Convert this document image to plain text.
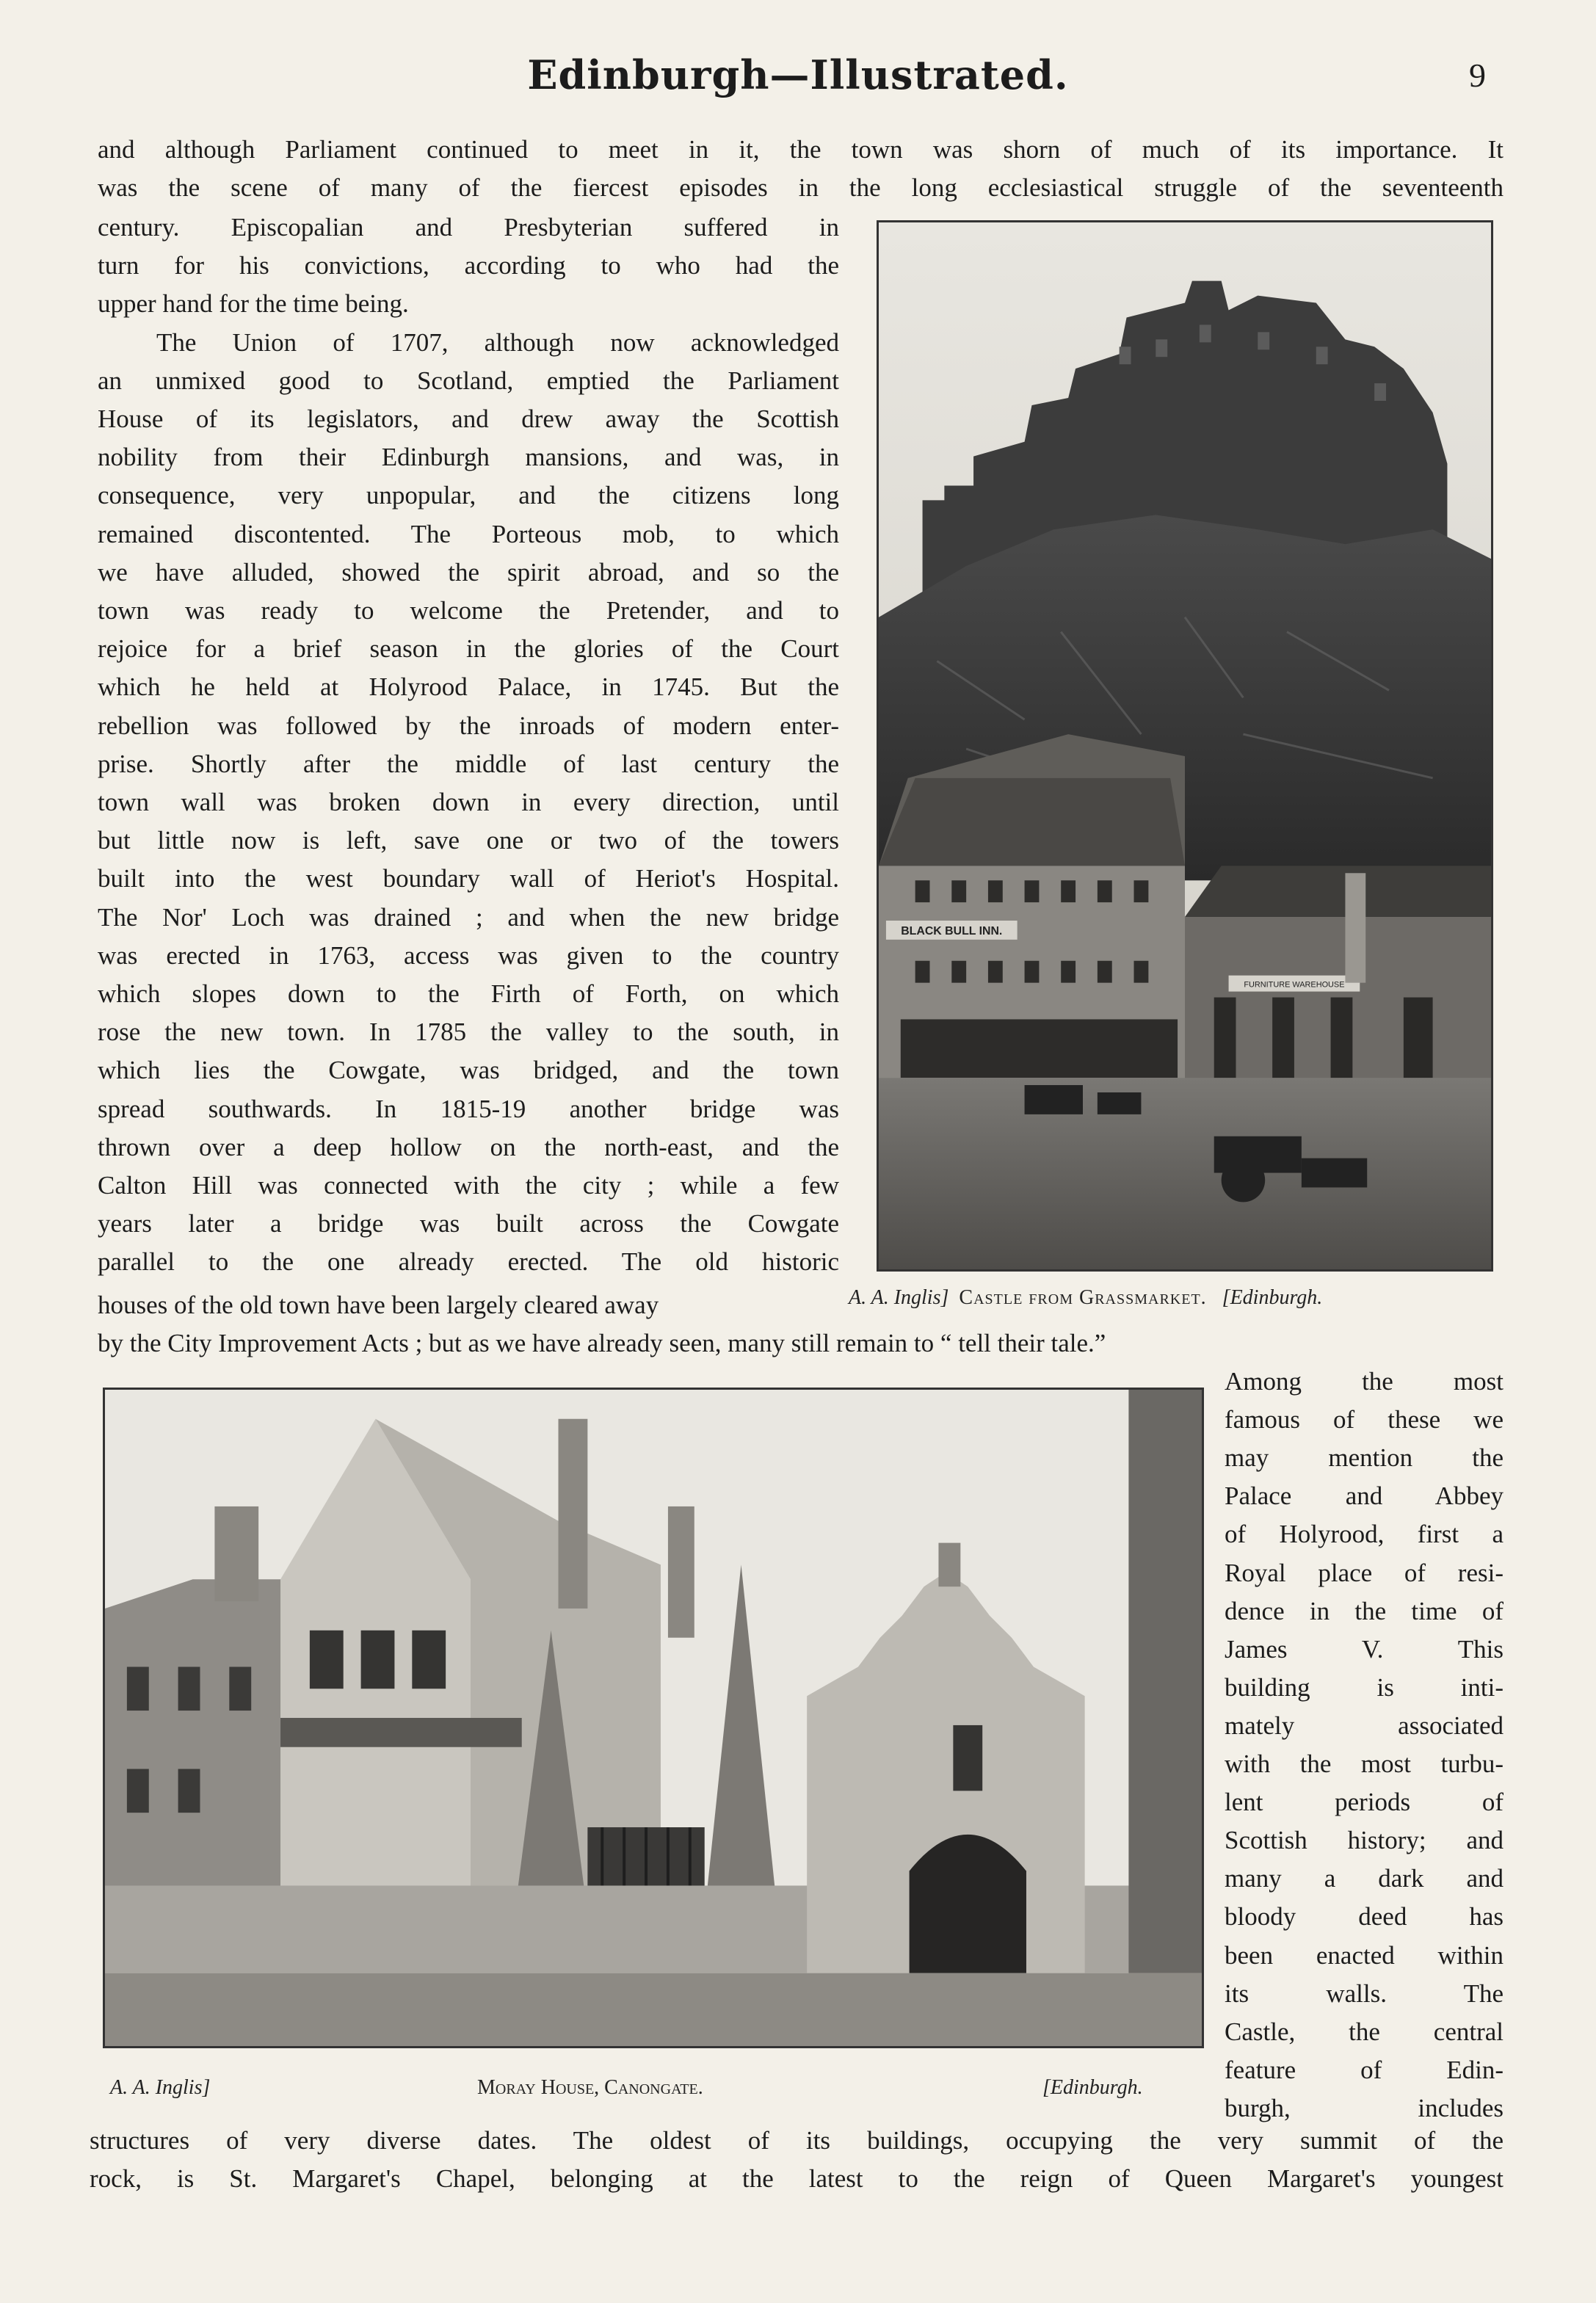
Edinburgh—Illustrated.	9
and although Parliament continued to meet in it, the town was shorn of much of its importance. It
was the scene of many of the fiercest episodes in the long ecclesiastical struggle of the seventeenth
century. Episcopalian and Presbyterian suffered in
turn for his convictions, according to who had the
upper hand for the time being.
The Union of 1707, although now acknowledged
an unmixed good to Scotland, emptied the Parliament
House of its legislators, and drew away the Scottish
nobility from their Edinburgh mansions, and was, in
consequence, very unpopular, and the citizens long
remained discontented. The Porteous mob, to which
we have alluded, showed the spirit abroad, and so the
town was ready to welcome the Pretender, and to
rejoice for a brief season in the glories of the Court
which he held at Holyrood Palace, in 1745. But the
rebellion was followed by the inroads of modern enter-
prise. Shortly after the middle of last century the
town wall was broken down in every direction, until
but little now is left, save one or two of the towers
built into the west boundary wall of Heriot's Hospital.
The Nor' Loch was drained ; and when the new bridge
was erected in 1763, access was given to the country
which slopes down to the Firth of Forth, on which
rose the new town. In 1785 the valley to the south, in
which lies the Cowgate, was bridged, and the town
spread southwards. In 1815-19 another bridge was
thrown over a deep hollow on the north-east, and the
Calton Hill was connected with the city ; while a few
years later a bridge was built across the Cowgate
parallel to the one already erected. The old historic
BLACK BULL INN.
FURNITURE WAREHOUSE
houses of the old town have been largely cleared away	A. A. Inglis] Castle from Grassmarket. [Edinburgh.
by the City Improvement Acts ; but as we have already seen, many still remain to “ tell their tale.”
Among the most
famous of these we
may mention the
Palace and Abbey
of Holyrood, first a
Royal place of resi-
dence in the time of
James V. This
building is inti-
mately associated
with the most turbu-
lent periods of
Scottish history; and
many a dark and
bloody deed has
been enacted within
its walls. The
Castle, the central
feature of Edin-
burgh, includes
A. A. Inglis]	Moray House, Canongate.	[Edinburgh.
structures of very diverse dates. The oldest of its buildings, occupying the very summit of the
rock, is St. Margaret's Chapel, belonging at the latest to the reign of Queen Margaret's youngest
